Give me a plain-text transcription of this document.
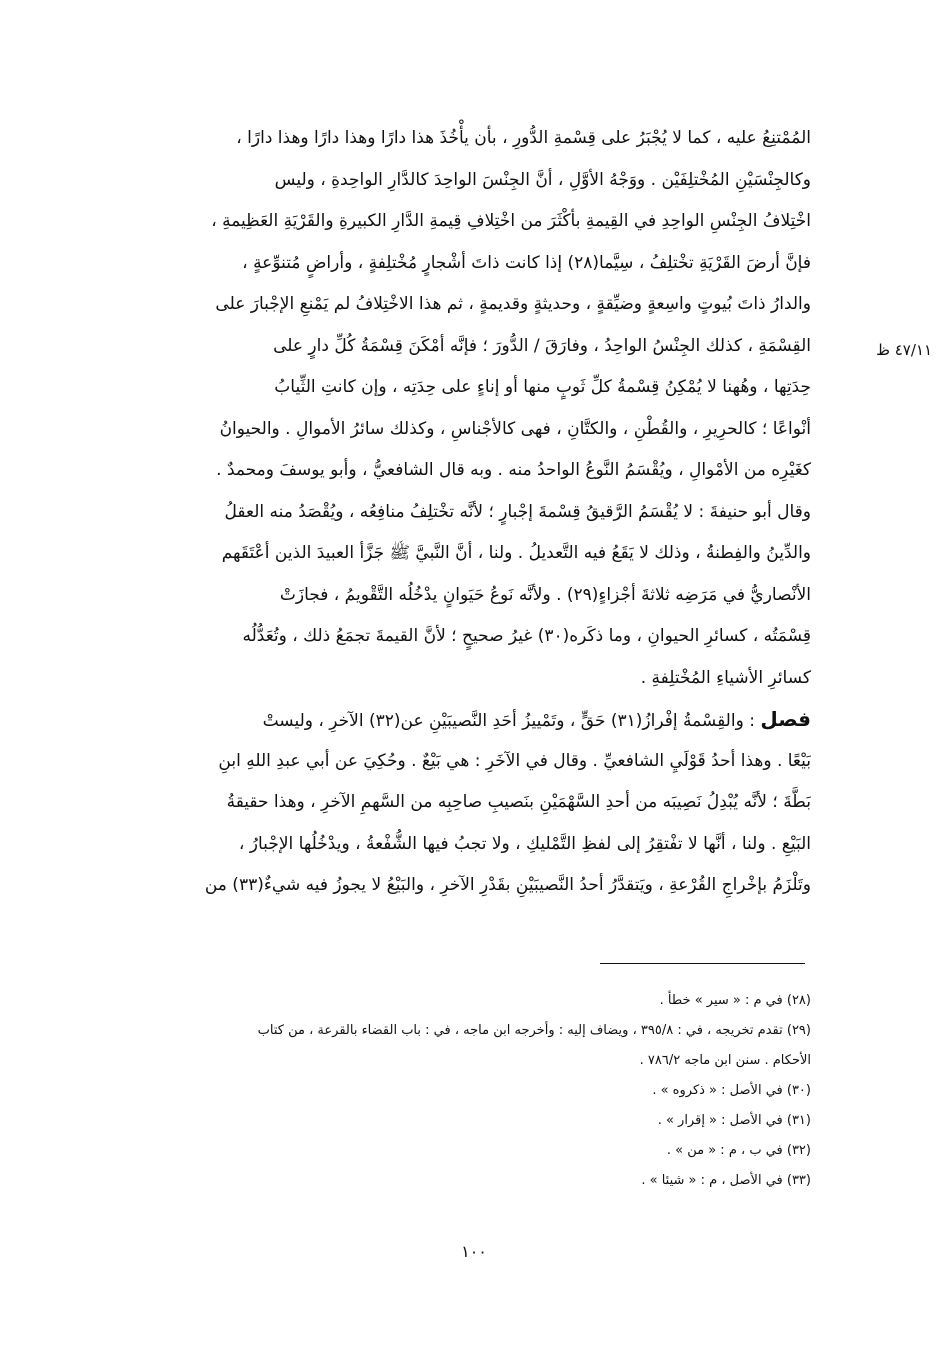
المُمْتنِعُ عليه ، كما لا يُجْبَرُ على قِسْمةِ الدُّورِ ، بأن يأْخُذَ هذا دارًا وهذا دارًا وهذا دارًا ،
وكالجِنْسَيْنِ المُخْتلِفَيْن . ووَجْهُ الأوَّلِ ، أنَّ الجِنْسَ الواحِدَ كالدَّارِ الواحِدةِ ، وليس
اخْتِلافُ الجِنْسِ الواحِدِ في القِيمةِ بأكْثَرَ من اخْتِلافِ قِيمةِ الدَّارِ الكبيرةِ والقَرْيَةِ العَظِيمةِ ،
فإنَّ أرضَ القَرْيَةِ تخْتلِفُ ، سِيَّما(٢٨) إذا كانت ذاتَ أشْجارٍ مُخْتلِفةٍ ، وأراضٍ مُتنوِّعةٍ ،
والدارُ ذاتَ بُيوتٍ واسِعةٍ وضيِّقةٍ ، وحديثةٍ وقديمةٍ ، ثم هذا الاخْتِلافُ لم يَمْنعِ الإجْبارَ على
القِسْمَةِ ، كذلك الجِنْسُ الواحِدُ ، وفارَقَ / الدُّورَ ؛ فإنَّه أمْكَنَ قِسْمَةُ كُلِّ دارٍ على
حِدَتِها ، وهُهنا لا يُمْكِنُ قِسْمةُ كلِّ ثَوبٍ منها أو إناءٍ على حِدَتِه ، وإن كانتِ الثِّيابُ
أنْواعًا ؛ كالحرِيرِ ، والقُطْنِ ، والكتَّانِ ، فهى كالأجْناسِ ، وكذلك سائرُ الأموالِ . والحيوانُ
كغَيْرِه من الأمْوالِ ، ويُقْسَمُ النَّوعُ الواحدُ منه . وبه قال الشافعيُّ ، وأبو يوسفَ ومحمدٌ .
وقال أبو حنيفةَ : لا يُقْسَمُ الرَّقيقُ قِسْمةَ إجْبارٍ ؛ لأنَّه تخْتلِفُ منافِعُه ، ويُقْصَدُ منه العقلُ
والدِّينُ والفِطنةُ ، وذلك لا يَقَعُ فيه التَّعديلُ . ولنا ، أنَّ النَّبيَّ ﷺ جَزَّأ العبيدَ الذين أعْتَقَهم
الأنْصاريُّ في مَرَضِه ثلاثةَ أجْزاءٍ(٢٩) . ولأنَّه نَوعُ حَيَوانٍ يدْخُلُه التَّقْويمُ ، فجازَتْ
قِسْمَتُه ، كسائرِ الحيوانِ ، وما ذكَره(٣٠) غيرُ صحيحٍ ؛ لأنَّ القيمةَ تجمَعُ ذلك ، وتُعَدُّلُه
كسائرِ الأشياءِ المُخْتلِفةِ .
فصل : والقِسْمةُ إفْرازُ(٣١) حَقٍّ ، وتَمْييزُ أحَدِ النَّصيبَيْنِ عن(٣٢) الآخرِ ، وليستْ
بَيْعًا . وهذا أحدُ قَوْلَيِ الشافعيِّ . وقال في الآخَرِ : هي بَيْعٌ . وحُكِيَ عن أبي عبدِ اللهِ ابنِ
بَطَّةَ ؛ لأنَّه يُبْدِلُ نَصِيبَه من أحدِ السَّهْمَيْنِ بنَصيبِ صاحِبِه من السَّهمِ الآخرِ ، وهذا حقيقةُ
البَيْعِ . ولنا ، أنَّها لا تفْتقِرُ إلى لفظِ التَّمْليكِ ، ولا تجبُ فيها الشُّفْعةُ ، ويدْخُلُها الإجْبارُ ،
وتَلْزَمُ بإخْراجِ القُرْعةِ ، ويَتقدَّرُ أحدُ النَّصيبَيْنِ بقَدْرِ الآخرِ ، والبَيْعُ لا يجوزُ فيه شيءٌ(٣٣) من
٤٧/١١ ظ
(٢٨) في م : « سير » خطأ .
(٢٩) تقدم تخريجه ، في : ٣٩٥/٨ ، ويضاف إليه : وأخرجه ابن ماجه ، في : باب القضاء بالقرعة ، من كتاب
الأحكام . سنن ابن ماجه ٧٨٦/٢ .
(٣٠) في الأصل : « ذكروه » .
(٣١) في الأصل : « إقرار » .
(٣٢) في ب ، م : « من » .
(٣٣) في الأصل ، م : « شيئا » .
١٠٠
